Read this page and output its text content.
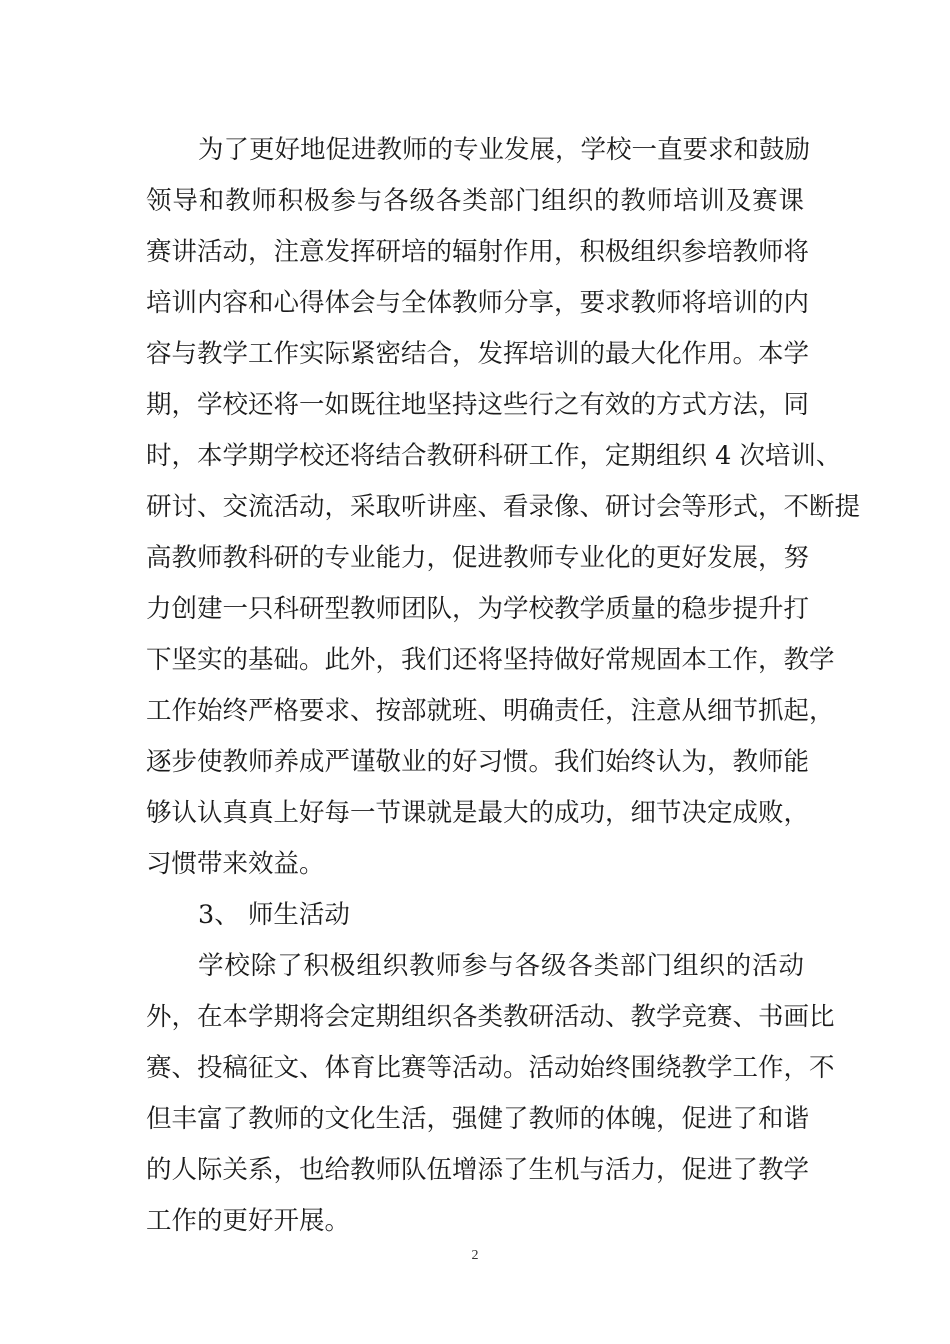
为了更好地促进教师的专业发展，学校一直要求和鼓励
领导和教师积极参与各级各类部门组织的教师培训及赛课
赛讲活动，注意发挥研培的辐射作用，积极组织参培教师将
培训内容和心得体会与全体教师分享，要求教师将培训的内
容与教学工作实际紧密结合，发挥培训的最大化作用。本学
期，学校还将一如既往地坚持这些行之有效的方式方法，同
时，本学期学校还将结合教研科研工作，定期组织 4 次培训、
研讨、交流活动，采取听讲座、看录像、研讨会等形式，不断提
高教师教科研的专业能力，促进教师专业化的更好发展，努
力创建一只科研型教师团队，为学校教学质量的稳步提升打
下坚实的基础。此外，我们还将坚持做好常规固本工作，教学
工作始终严格要求、按部就班、明确责任，注意从细节抓起，
逐步使教师养成严谨敬业的好习惯。我们始终认为，教师能
够认认真真上好每一节课就是最大的成功，细节决定成败，
习惯带来效益。
3、 师生活动
学校除了积极组织教师参与各级各类部门组织的活动
外，在本学期将会定期组织各类教研活动、教学竞赛、书画比
赛、投稿征文、体育比赛等活动。活动始终围绕教学工作，不
但丰富了教师的文化生活，强健了教师的体魄，促进了和谐
的人际关系，也给教师队伍增添了生机与活力，促进了教学
工作的更好开展。
2
